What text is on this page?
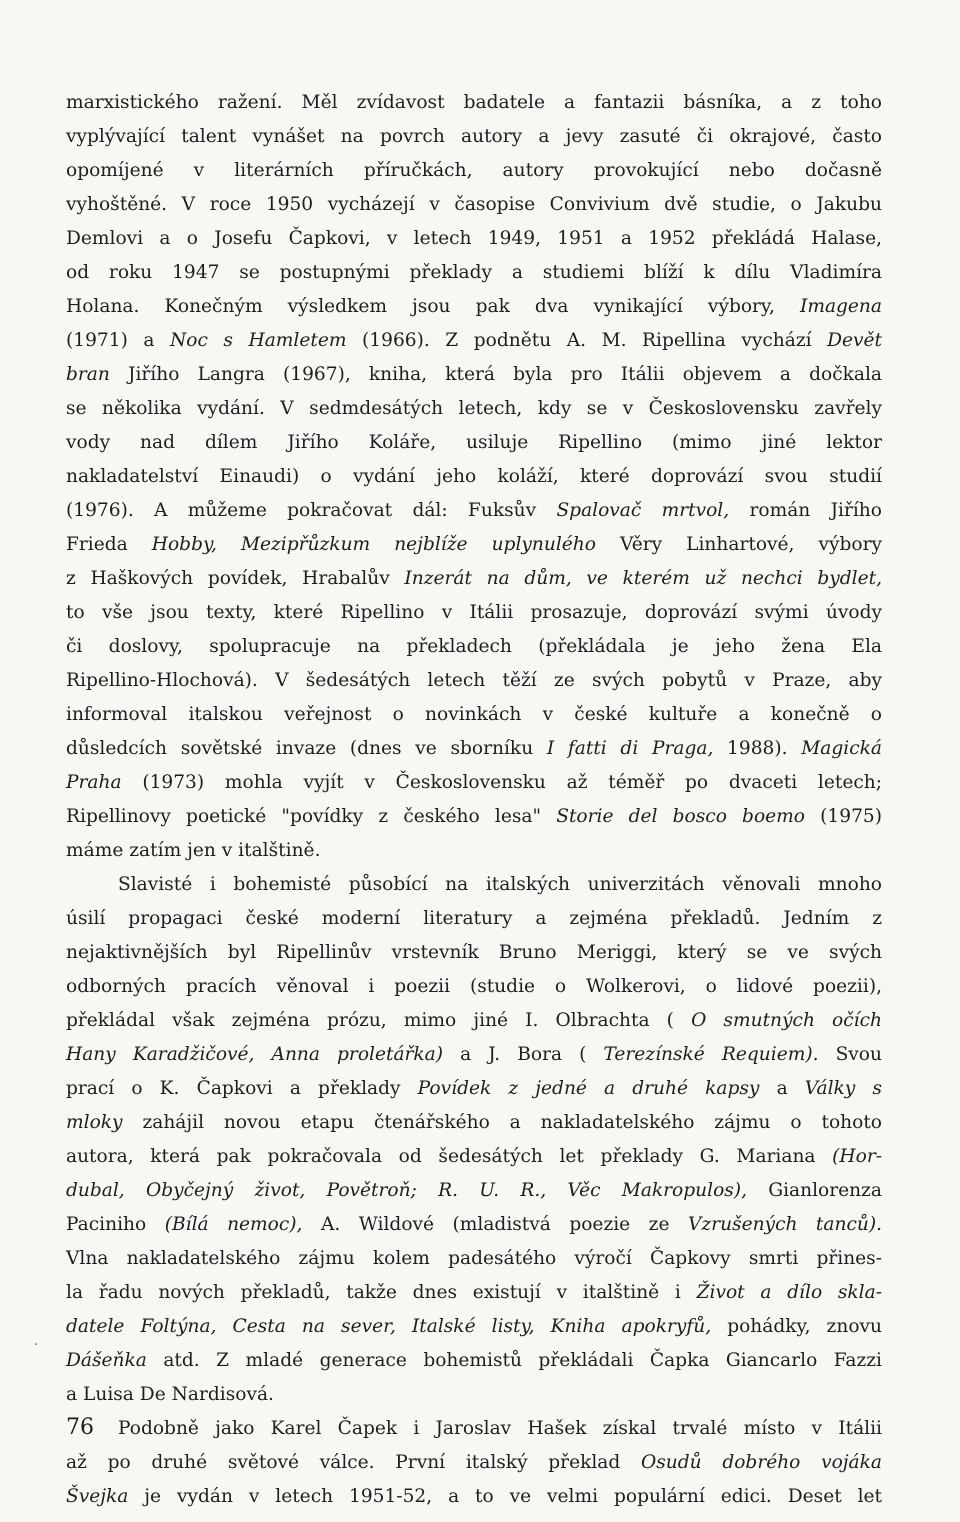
marxistického ražení. Měl zvídavost badatele a fantazii básníka, a z toho
vyplývající talent vynášet na povrch autory a jevy zasuté či okrajové, často
opomíjené v literárních příručkách, autory provokující nebo dočasně
vyhoštěné. V roce 1950 vycházejí v časopise Convivium dvě studie, o Jakubu
Demlovi a o Josefu Čapkovi, v letech 1949, 1951 a 1952 překládá Halase,
od roku 1947 se postupnými překlady a studiemi blíží k dílu Vladimíra
Holana. Konečným výsledkem jsou pak dva vynikající výbory, Imagena
(1971) a Noc s Hamletem (1966). Z podnětu A. M. Ripellina vychází Devět
bran Jiřího Langra (1967), kniha, která byla pro Itálii objevem a dočkala
se několika vydání. V sedmdesátých letech, kdy se v Československu zavřely
vody nad dílem Jiřího Koláře, usiluje Ripellino (mimo jiné lektor
nakladatelství Einaudi) o vydání jeho koláží, které doprovází svou studií
(1976). A můžeme pokračovat dál: Fuksův Spalovač mrtvol, román Jiřího
Frieda Hobby, Mezipřůzkum nejblíže uplynulého Věry Linhartové, výbory
z Haškových povídek, Hrabalův Inzerát na dům, ve kterém už nechci bydlet,
to vše jsou texty, které Ripellino v Itálii prosazuje, doprovází svými úvody
či doslovy, spolupracuje na překladech (překládala je jeho žena Ela
Ripellino-Hlochová). V šedesátých letech těží ze svých pobytů v Praze, aby
informoval italskou veřejnost o novinkách v české kultuře a konečně o
důsledcích sovětské invaze (dnes ve sborníku I fatti di Praga, 1988). Magická
Praha (1973) mohla vyjít v Československu až téměř po dvaceti letech;
Ripellinovy poetické "povídky z českého lesa" Storie del bosco boemo (1975)
máme zatím jen v italštině.
Slavisté i bohemisté působící na italských univerzitách věnovali mnoho
úsilí propagaci české moderní literatury a zejména překladů. Jedním z
nejaktivnějších byl Ripellinův vrstevník Bruno Meriggi, který se ve svých
odborných pracích věnoval i poezii (studie o Wolkerovi, o lidové poezii),
překládal však zejména prózu, mimo jiné I. Olbrachta ( O smutných očích
Hany Karadžičové, Anna proletářka) a J. Bora ( Terezínské Requiem). Svou
prací o K. Čapkovi a překlady Povídek z jedné a druhé kapsy a Války s
mloky zahájil novou etapu čtenářského a nakladatelského zájmu o tohoto
autora, která pak pokračovala od šedesátých let překlady G. Mariana (Hor-
dubal, Obyčejný život, Povětroň; R. U. R., Věc Makropulos), Gianlorenza
Paciniho (Bílá nemoc), A. Wildové (mladistvá poezie ze Vzrušených tanců).
Vlna nakladatelského zájmu kolem padesátého výročí Čapkovy smrti přines-
la řadu nových překladů, takže dnes existují v italštině i Život a dílo skla-
datele Foltýna, Cesta na sever, Italské listy, Kniha apokryfů, pohádky, znovu
Dášeňka atd. Z mladé generace bohemistů překládali Čapka Giancarlo Fazzi
a Luisa De Nardisová.
Podobně jako Karel Čapek i Jaroslav Hašek získal trvalé místo v Itálii
až po druhé světové válce. První italský překlad Osudů dobrého vojáka
Švejka je vydán v letech 1951-52, a to ve velmi populární edici. Deset let
.
76
